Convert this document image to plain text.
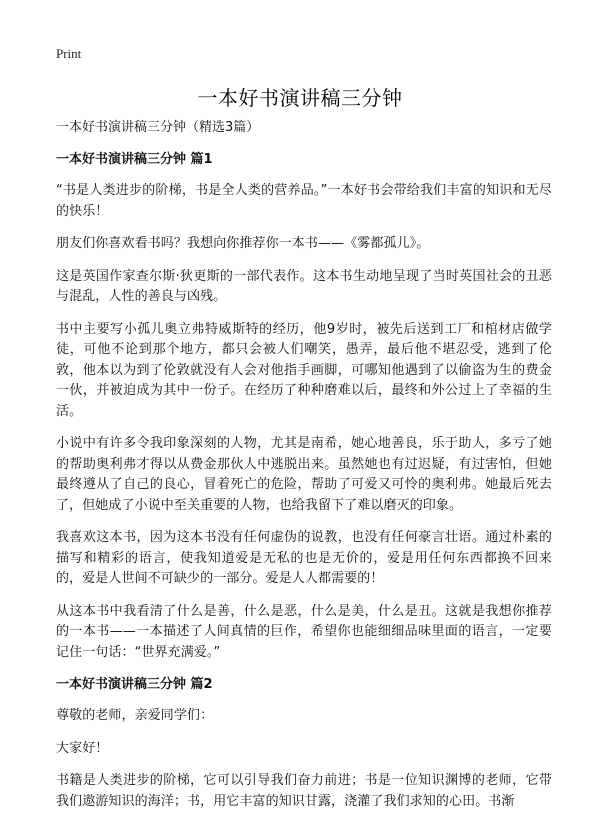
Print
一本好书演讲稿三分钟

一本好书演讲稿三分钟（精选3篇）

一本好书演讲稿三分钟 篇1

“书是人类进步的阶梯，书是全人类的营养品。”一本好书会带给我们丰富的知识和无尽的快乐！

朋友们你喜欢看书吗？我想向你推荐你一本书——《雾都孤儿》。

这是英国作家查尔斯·狄更斯的一部代表作。这本书生动地呈现了当时英国社会的丑恶与混乱，人性的善良与凶残。

书中主要写小孤儿奥立弗特威斯特的经历，他9岁时，被先后送到工厂和棺材店做学徒，可他不论到那个地方，都只会被人们嘲笑，愚弄，最后他不堪忍受，逃到了伦敦，他本以为到了伦敦就没有人会对他指手画脚，可哪知他遇到了以偷盗为生的费金一伙，并被迫成为其中一份子。在经历了种种磨难以后，最终和外公过上了幸福的生活。

小说中有许多令我印象深刻的人物，尤其是南希，她心地善良，乐于助人，多亏了她的帮助奥利弗才得以从费金那伙人中逃脱出来。虽然她也有过迟疑，有过害怕，但她最终遵从了自己的良心，冒着死亡的危险，帮助了可爱又可怜的奥利弗。她最后死去了，但她成了小说中至关重要的人物，也给我留下了难以磨灭的印象。

我喜欢这本书，因为这本书没有任何虚伪的说教，也没有任何豪言壮语。通过朴素的描写和精彩的语言，使我知道爱是无私的也是无价的，爱是用任何东西都换不回来的，爱是人世间不可缺少的一部分。爱是人人都需要的！

从这本书中我看清了什么是善，什么是恶，什么是美，什么是丑。这就是我想你推荐的一本书——一本描述了人间真情的巨作，希望你也能细细品味里面的语言，一定要记住一句话：“世界充满爱。”

一本好书演讲稿三分钟 篇2

尊敬的老师，亲爱同学们：

大家好！

书籍是人类进步的阶梯，它可以引导我们奋力前进；书是一位知识渊博的老师，它带我们遨游知识的海洋；书，用它丰富的知识甘露，浇灌了我们求知的心田。书渐
